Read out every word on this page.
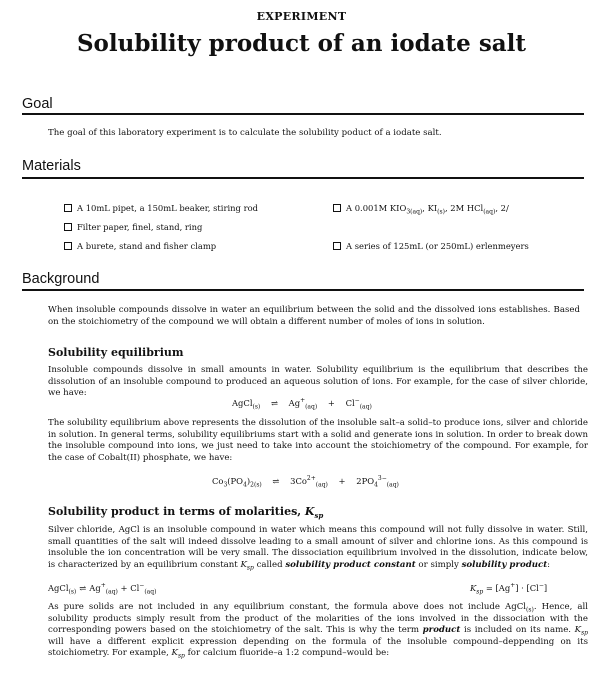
EXPERIMENT
Solubility product of an iodate salt
Goal
The goal of this laboratory experiment is to calculate the solubility poduct of a iodate salt.
Materials
A 10mL pipet, a 150mL beaker, stiring rod
Filter paper, finel, stand, ring
A burete, stand and fisher clamp
A 0.001M $KIO_{3(aq)}$, $KI_{(s)}$, 2M HCl$_{(aq)}$, 2/
A series of 125mL (or 250mL) erlenmeyers
Background
When insoluble compounds dissolve in water an equilibrium between the solid and the dissolved ions establishes. Based on the stoichiometry of the compound we will obtain a different number of moles of ions in solution.
Solubility equilibrium
Insoluble compounds dissolve in small amounts in water. Solubility equilibrium is the equilibrium that describes the dissolution of an insoluble compound to produced an aqueous solution of ions. For example, for the case of silver chloride, we have:
AgCl$_{(s)}$ ⇌ $Ag^+_{(aq)} + Cl^-_{(aq)}$
The solubility equilibrium above represents the dissolution of the insoluble salt–a solid–to produce ions, silver and chloride in solution. In general terms, solubility equilibriums start with a solid and generate ions in solution. In order to break down the insoluble compound into ions, we just need to take into account the stoichiometry of the compound. For example, for the case of Cobalt(II) phosphate, we have:
$Co_3(PO_4)_{2(s)}$ ⇌ $3Co^{2+}_{(aq)} + 2PO_4^{3-}_{(aq)}$
Solubility product in terms of molarities, $K_{sp}$
Silver chloride, AgCl is an insoluble compound in water which means this compound will not fully dissolve in water. Still, small quantities of the salt will indeed dissolve leading to a small amount of silver and chlorine ions. As this compound is insoluble the ion concentration will be very small. The dissociation equilibrium involved in the dissolution, indicate below, is characterized by an equilibrium constant $K_{sp}$ called solubility product constant or simply solubility product:
AgCl$_{(s)}$ ⇌ $Ag^+_{(aq)} + Cl^-_{(aq)}$	$K_{sp} = [Ag^+] \cdot [Cl^-]$
As pure solids are not included in any equilibrium constant, the formula above does not include AgCl$_{(s)}$. Hence, all solubility products simply result from the product of the molarities of the ions involved in the dissociation with the corresponding powers based on the stoichiometry of the salt. This is why the term product is included on its name. $K_{sp}$ will have a different explicit expression depending on the formula of the insoluble compound–deppending on its stoichiometry. For example, $K_{sp}$ for calcium fluoride–a 1:2 compund–would be:
